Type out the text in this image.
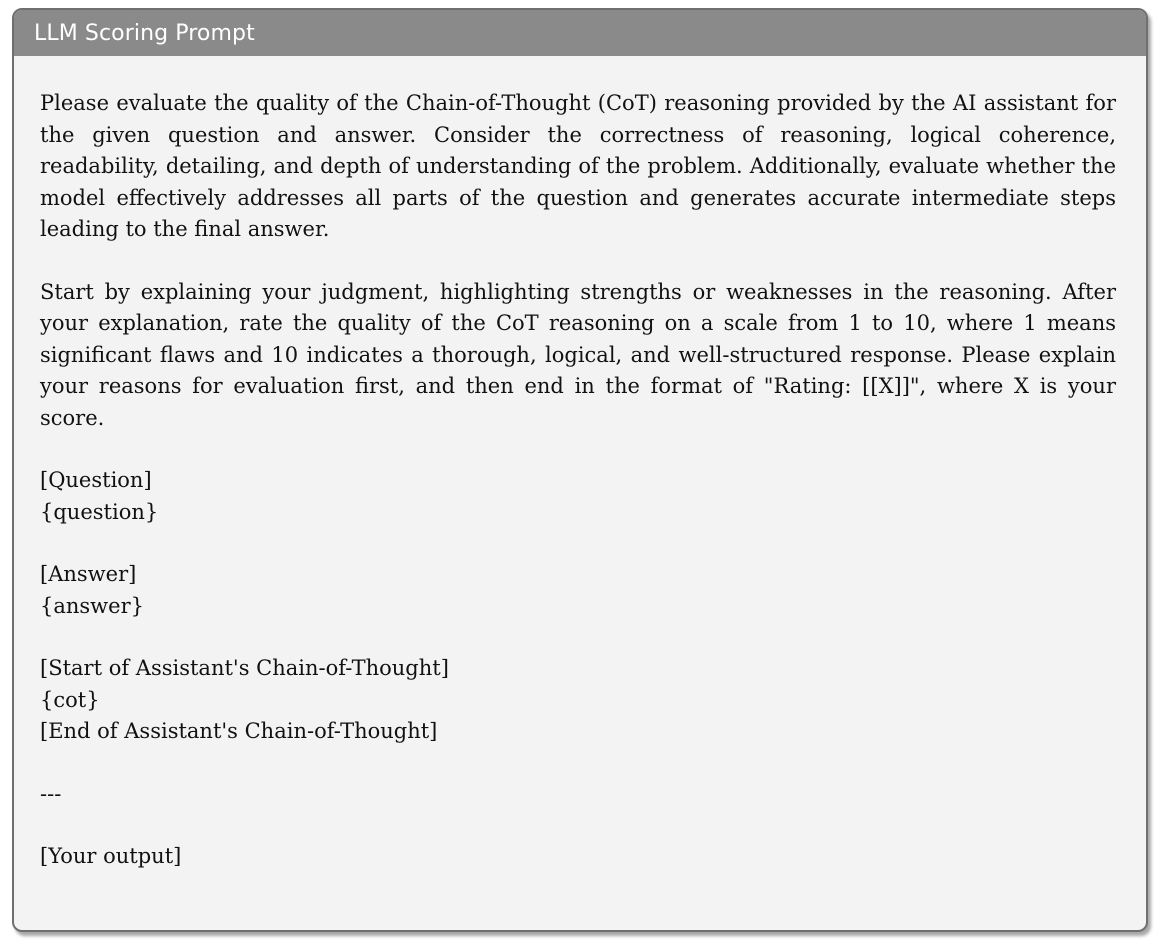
LLM Scoring Prompt

Please evaluate the quality of the Chain-of-Thought (CoT) reasoning provided by the AI assistant for the given question and answer. Consider the correctness of reasoning, logical coherence, readability, detailing, and depth of understanding of the problem. Additionally, evaluate whether the model effectively addresses all parts of the question and generates accurate intermediate steps leading to the final answer.

Start by explaining your judgment, highlighting strengths or weaknesses in the reasoning. After your explanation, rate the quality of the CoT reasoning on a scale from 1 to 10, where 1 means significant flaws and 10 indicates a thorough, logical, and well-structured response. Please explain your reasons for evaluation first, and then end in the format of "Rating: [[X]]", where X is your score.

[Question]
{question}
[Answer]
{answer}
[Start of Assistant's Chain-of-Thought]
{cot}
[End of Assistant's Chain-of-Thought]
---
[Your output]
